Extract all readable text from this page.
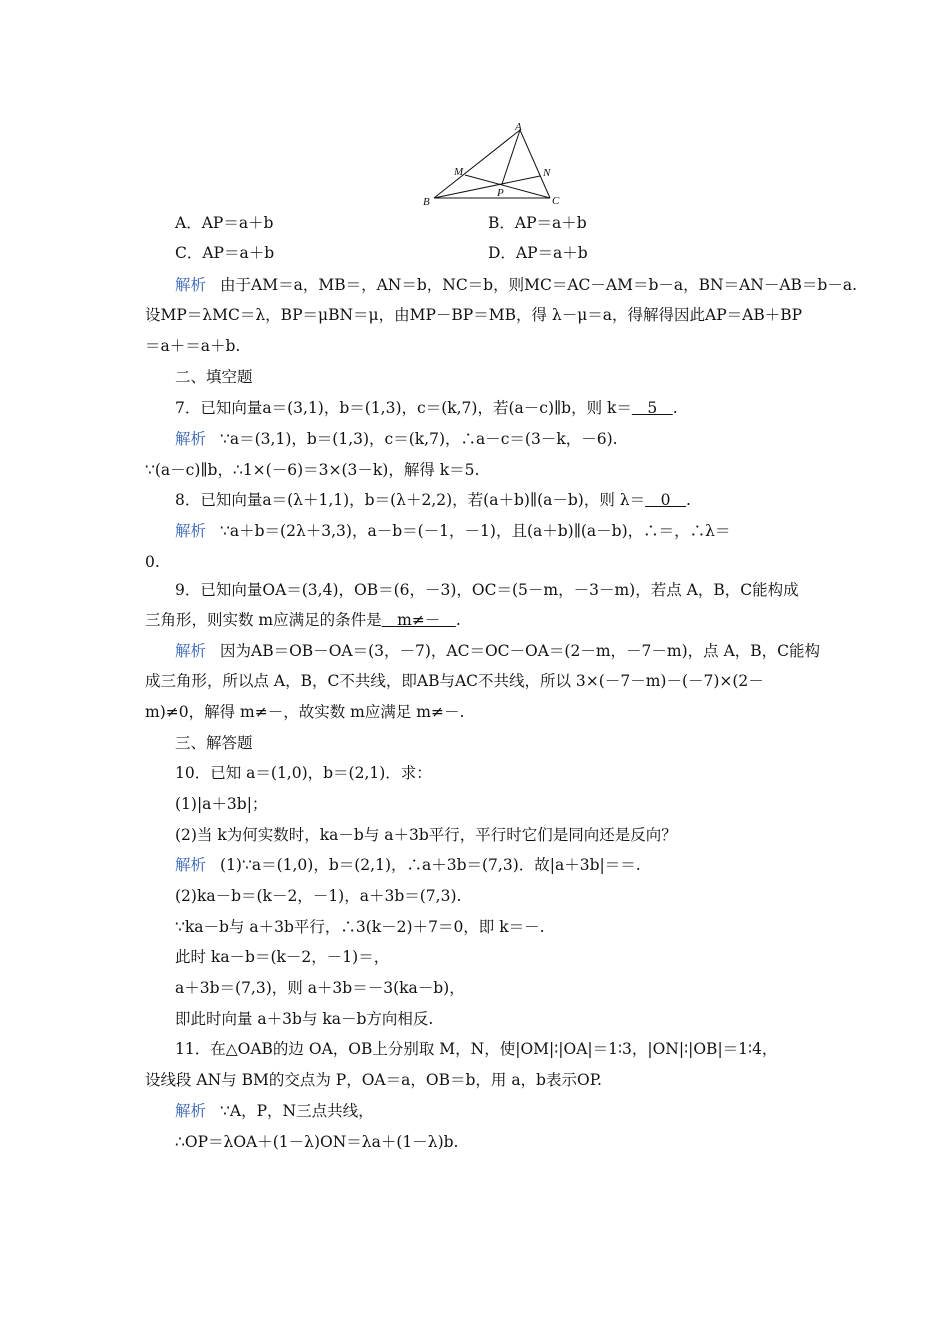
A
B	C
M	N
P
A．AP＝a＋b	B．AP＝a＋b
C．AP＝a＋b	D．AP＝a＋b
解析 由于AM＝a，MB＝，AN＝b，NC＝b，则MC＝AC－AM＝b－a，BN＝AN－AB＝b－a.
设MP＝λMC＝λ，BP＝μBN＝μ，由MP－BP＝MB，得 λ－μ＝a，得解得因此AP＝AB＋BP
＝a＋＝a＋b.
二、填空题
7．已知向量a＝(3,1)，b＝(1,3)，c＝(k,7)，若(a－c)∥b，则 k＝　5　.
解析 ∵a＝(3,1)，b＝(1,3)，c＝(k,7)，∴a－c＝(3－k，－6).
∵(a－c)∥b，∴1×(－6)＝3×(3－k)，解得 k＝5.
8．已知向量a＝(λ＋1,1)，b＝(λ＋2,2)，若(a＋b)∥(a－b)，则 λ＝　0　.
解析 ∵a＋b＝(2λ＋3,3)，a－b＝(－1，－1)，且(a＋b)∥(a－b)，∴＝，∴λ＝
0.
9．已知向量OA＝(3,4)，OB＝(6，－3)，OC＝(5－m，－3－m)，若点 A，B，C能构成
三角形，则实数 m应满足的条件是　m≠－　.
解析 因为AB＝OB－OA＝(3，－7)，AC＝OC－OA＝(2－m，－7－m)，点 A，B，C能构
成三角形，所以点 A，B，C不共线，即AB与AC不共线，所以 3×(－7－m)－(－7)×(2－
m)≠0，解得 m≠－，故实数 m应满足 m≠－.
三、解答题
10．已知 a＝(1,0)，b＝(2,1)．求：
(1)|a＋3b|；
(2)当 k为何实数时，ka－b与 a＋3b平行，平行时它们是同向还是反向？
解析 (1)∵a＝(1,0)，b＝(2,1)，∴a＋3b＝(7,3)．故|a＋3b|＝＝.
(2)ka－b＝(k－2，－1)，a＋3b＝(7,3).
∵ka－b与 a＋3b平行，∴3(k－2)＋7＝0，即 k＝－.
此时 ka－b＝(k－2，－1)＝，
a＋3b＝(7,3)，则 a＋3b＝－3(ka－b)，
即此时向量 a＋3b与 ka－b方向相反.
11．在△OAB的边 OA，OB上分别取 M，N，使|OM|∶|OA|＝1∶3，|ON|∶|OB|＝1∶4，
设线段 AN与 BM的交点为 P，OA＝a，OB＝b，用 a，b表示OP.
解析 ∵A，P，N三点共线，
∴OP＝λOA＋(1－λ)ON＝λa＋(1－λ)b.
